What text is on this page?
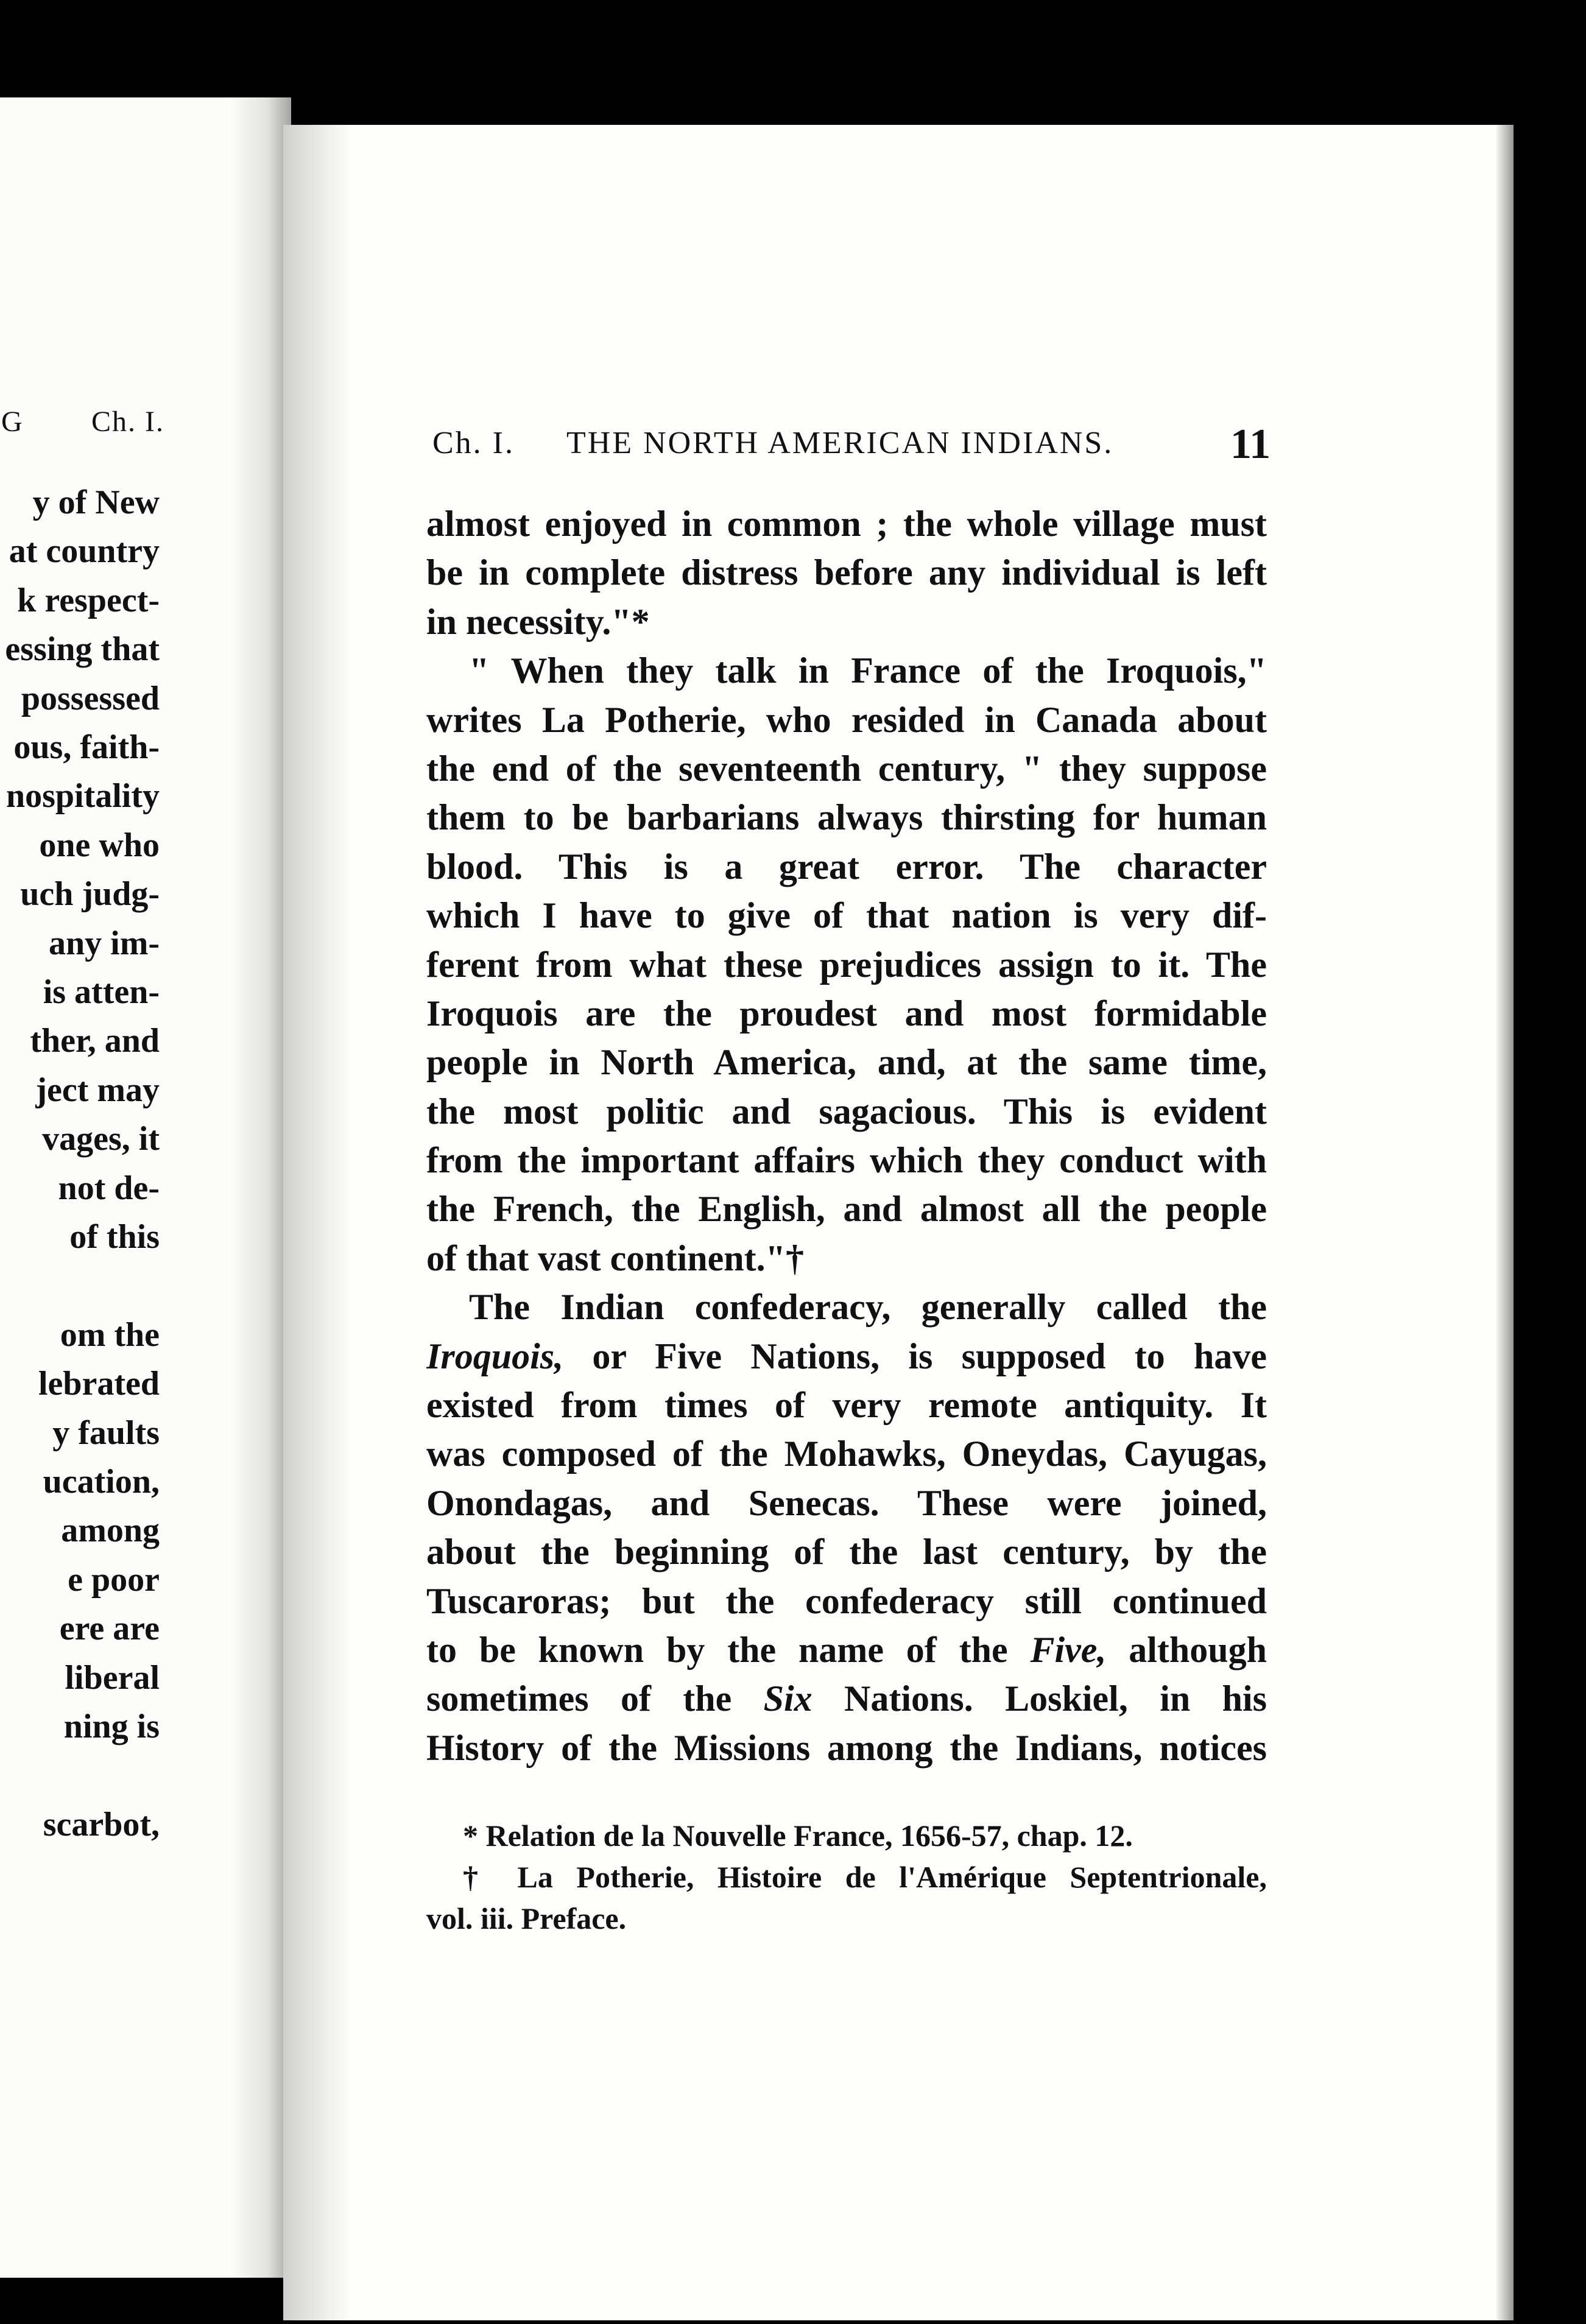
G Ch. I.
y of New
at country
k respect-
essing that
possessed
ous, faith-
nospitality
one who
uch judg-
any im-
is atten-
ther, and
ject may
vages, it
not de-
of this
om the
lebrated
y faults
ucation,
among
e poor
ere are
liberal
ning is
scarbot,
Ch. I. THE NORTH AMERICAN INDIANS.	11
almost enjoyed in common ; the whole village must
be in complete distress before any individual is left
in necessity."*
" When they talk in France of the Iroquois,"
writes La Potherie, who resided in Canada about
the end of the seventeenth century, " they suppose
them to be barbarians always thirsting for human
blood. This is a great error. The character
which I have to give of that nation is very dif-
ferent from what these prejudices assign to it. The
Iroquois are the proudest and most formidable
people in North America, and, at the same time,
the most politic and sagacious. This is evident
from the important affairs which they conduct with
the French, the English, and almost all the people
of that vast continent."†
The Indian confederacy, generally called the
Iroquois, or Five Nations, is supposed to have
existed from times of very remote antiquity. It
was composed of the Mohawks, Oneydas, Cayugas,
Onondagas, and Senecas. These were joined,
about the beginning of the last century, by the
Tuscaroras; but the confederacy still continued
to be known by the name of the Five, although
sometimes of the Six Nations. Loskiel, in his
History of the Missions among the Indians, notices
* Relation de la Nouvelle France, 1656-57, chap. 12.
† La Potherie, Histoire de l'Amérique Septentrionale,
vol. iii. Preface.
